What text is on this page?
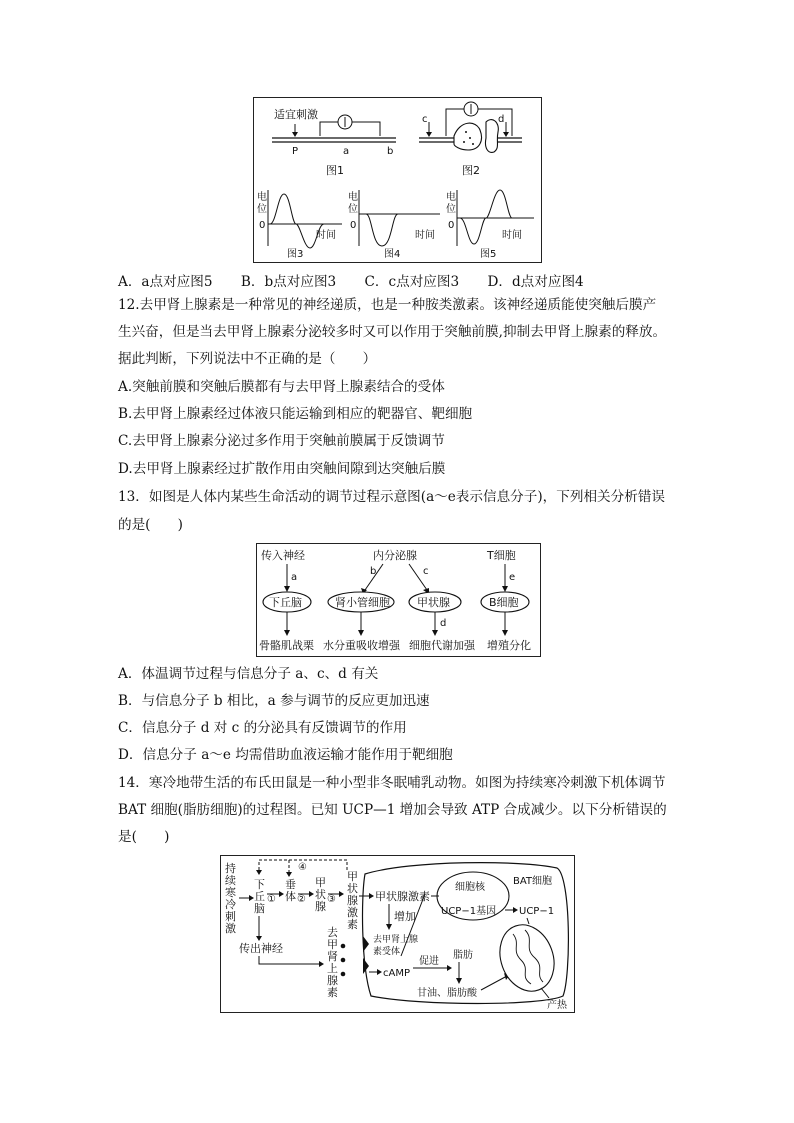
适宜刺激
P	a	b
图1
c	d
图2
电
位
0
时间
图3
电
位
0
时间
图4
电
位
0
时间
图5
A．a点对应图5 B．b点对应图3 C．c点对应图3 D．d点对应图4
12.去甲肾上腺素是一种常见的神经递质，也是一种胺类激素。该神经递质能使突触后膜产
生兴奋，但是当去甲肾上腺素分泌较多时又可以作用于突触前膜,抑制去甲肾上腺素的释放。
据此判断，下列说法中不正确的是（　　）
A.突触前膜和突触后膜都有与去甲肾上腺素结合的受体
B.去甲肾上腺素经过体液只能运输到相应的靶器官、靶细胞
C.去甲肾上腺素分泌过多作用于突触前膜属于反馈调节
D.去甲肾上腺素经过扩散作用由突触间隙到达突触后膜
13．如图是人体内某些生命活动的调节过程示意图(a～e表示信息分子)，下列相关分析错误
的是(　　)
传入神经	内分泌腺	T细胞
a
b	c
e
下丘脑	肾小管细胞 甲状腺	B细胞
d
骨骼肌战栗 水分重吸收增强 细胞代谢加强 增殖分化
A．体温调节过程与信息分子 a、c、d 有关
B．与信息分子 b 相比，a 参与调节的反应更加迅速
C．信息分子 d 对 c 的分泌具有反馈调节的作用
D．信息分子 a～e 均需借助血液运输才能作用于靶细胞
14．寒冷地带生活的布氏田鼠是一种小型非冬眠哺乳动物。如图为持续寒冷刺激下机体调节
BAT 细胞(脂肪细胞)的过程图。已知 UCP—1 增加会导致 ATP 合成减少。以下分析错误的
是(　　)
持
续
寒
冷
刺
激
下
丘
脑
①
垂
体 ②
甲
状
腺
③
④
甲
状
腺
激
素
传出神经
去
甲
肾
上
腺
素
BAT细胞
甲状腺激素
增加
细胞核
UCP−1基因 UCP−1
去甲肾上腺
素受体
cAMP
促进
脂肪
甘油、脂肪酸
产热
